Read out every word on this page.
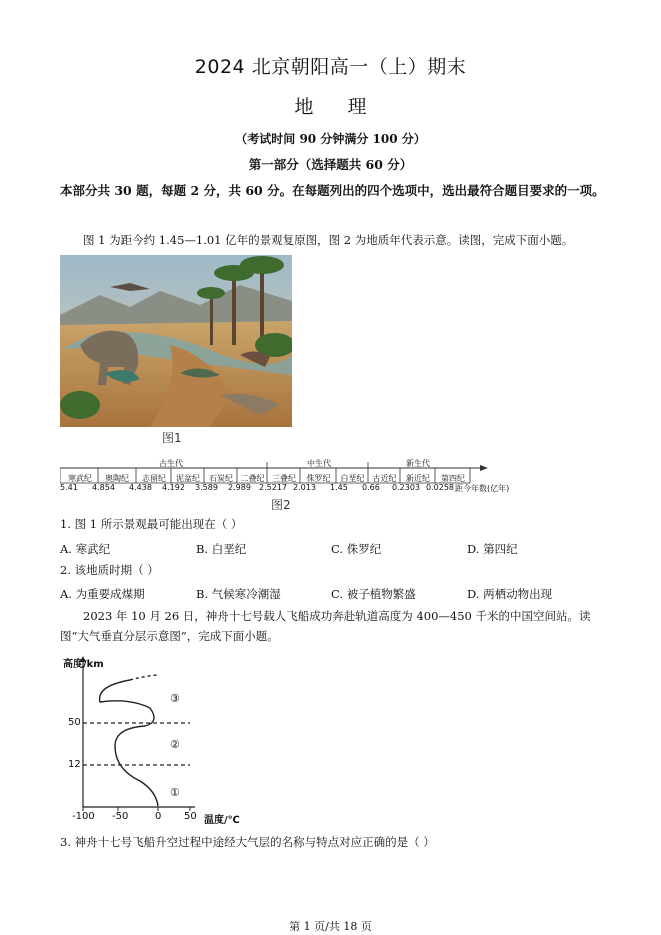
2024 北京朝阳高一（上）期末
地 理
（考试时间 90 分钟满分 100 分）
第一部分（选择题共 60 分）
本部分共 30 题，每题 2 分，共 60 分。在每题列出的四个选项中，选出最符合题目要求的一项。
图 1 为距今约 1.45—1.01 亿年的景观复原图，图 2 为地质年代表示意。读图，完成下面小题。
图1
古生代	中生代	新生代
寒武纪	奥陶纪	志留纪	泥盆纪	石炭纪 二叠纪 三叠纪	侏罗纪	白垩纪	古近纪	新近纪	第四纪
5.41 4.854 4.438 4.192 3.589 2.989 2.5217 2.013 1.45 0.66 0.2303 0.0258 距今年数(亿年)
图2
1. 图 1 所示景观最可能出现在（ ）
A. 寒武纪	B. 白垩纪	C. 侏罗纪	D. 第四纪
2. 该地质时期（ ）
A. 为重要成煤期	B. 气候寒冷潮湿	C. 被子植物繁盛	D. 两栖动物出现
2023 年 10 月 26 日，神舟十七号载人飞船成功奔赴轨道高度为 400—450 千米的中国空间站。读图“大气垂直分层示意图”，完成下面小题。
高度/km
50
12
③
②
①
-100 -50	0 50 温度/℃
3. 神舟十七号飞船升空过程中途经大气层的名称与特点对应正确的是（ ）
第 1 页/共 18 页
